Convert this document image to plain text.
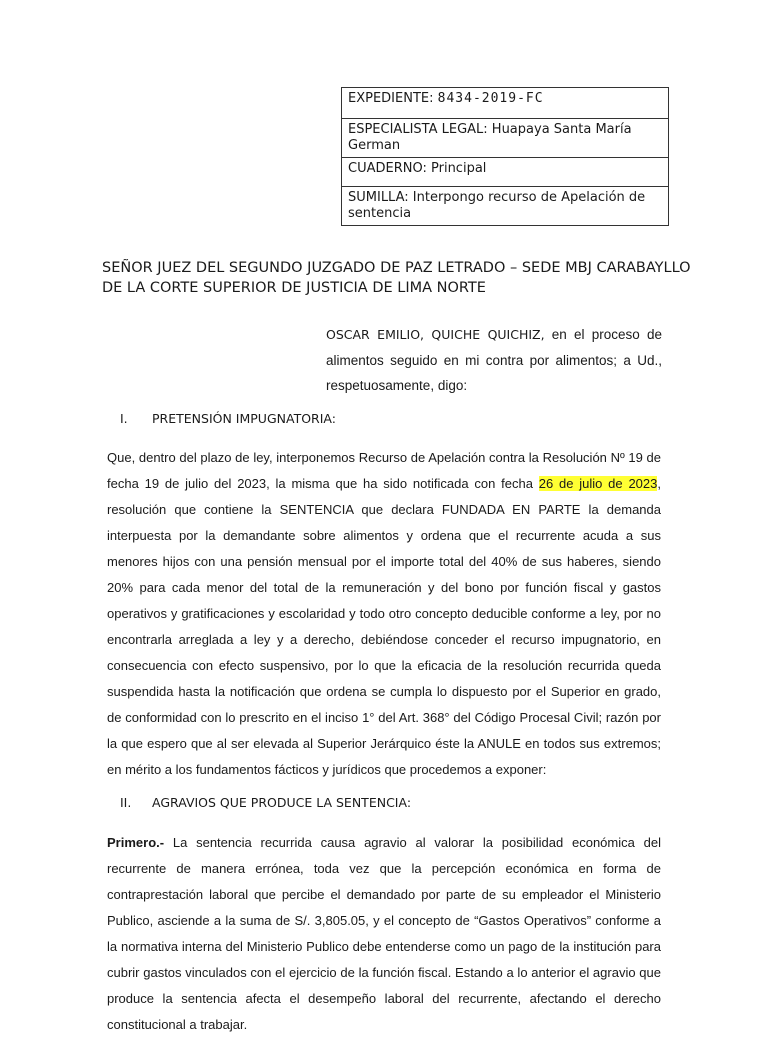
EXPEDIENTE: 8434-2019-FC
ESPECIALISTA LEGAL: Huapaya Santa María German
CUADERNO: Principal
SUMILLA: Interpongo recurso de Apelación de sentencia
SEÑOR JUEZ DEL SEGUNDO JUZGADO DE PAZ LETRADO – SEDE MBJ CARABAYLLO DE LA CORTE SUPERIOR DE JUSTICIA DE LIMA NORTE
OSCAR EMILIO, QUICHE QUICHIZ, en el proceso de alimentos seguido en mi contra por alimentos; a Ud., respetuosamente, digo:
I. PRETENSIÓN IMPUGNATORIA:
Que, dentro del plazo de ley, interponemos Recurso de Apelación contra la Resolución Nº 19 de fecha 19 de julio del 2023, la misma que ha sido notificada con fecha 26 de julio de 2023, resolución que contiene la SENTENCIA que declara FUNDADA EN PARTE la demanda interpuesta por la demandante sobre alimentos y ordena que el recurrente acuda a sus menores hijos con una pensión mensual por el importe total del 40% de sus haberes, siendo 20% para cada menor del total de la remuneración y del bono por función fiscal y gastos operativos y gratificaciones y escolaridad y todo otro concepto deducible conforme a ley, por no encontrarla arreglada a ley y a derecho, debiéndose conceder el recurso impugnatorio, en consecuencia con efecto suspensivo, por lo que la eficacia de la resolución recurrida queda suspendida hasta la notificación que ordena se cumpla lo dispuesto por el Superior en grado, de conformidad con lo prescrito en el inciso 1° del Art. 368° del Código Procesal Civil; razón por la que espero que al ser elevada al Superior Jerárquico éste la ANULE en todos sus extremos; en mérito a los fundamentos fácticos y jurídicos que procedemos a exponer:
II. AGRAVIOS QUE PRODUCE LA SENTENCIA:
Primero.- La sentencia recurrida causa agravio al valorar la posibilidad económica del recurrente de manera errónea, toda vez que la percepción económica en forma de contraprestación laboral que percibe el demandado por parte de su empleador el Ministerio Publico, asciende a la suma de S/. 3,805.05, y el concepto de “Gastos Operativos” conforme a la normativa interna del Ministerio Publico debe entenderse como un pago de la institución para cubrir gastos vinculados con el ejercicio de la función fiscal. Estando a lo anterior el agravio que produce la sentencia afecta el desempeño laboral del recurrente, afectando el derecho constitucional a trabajar.
